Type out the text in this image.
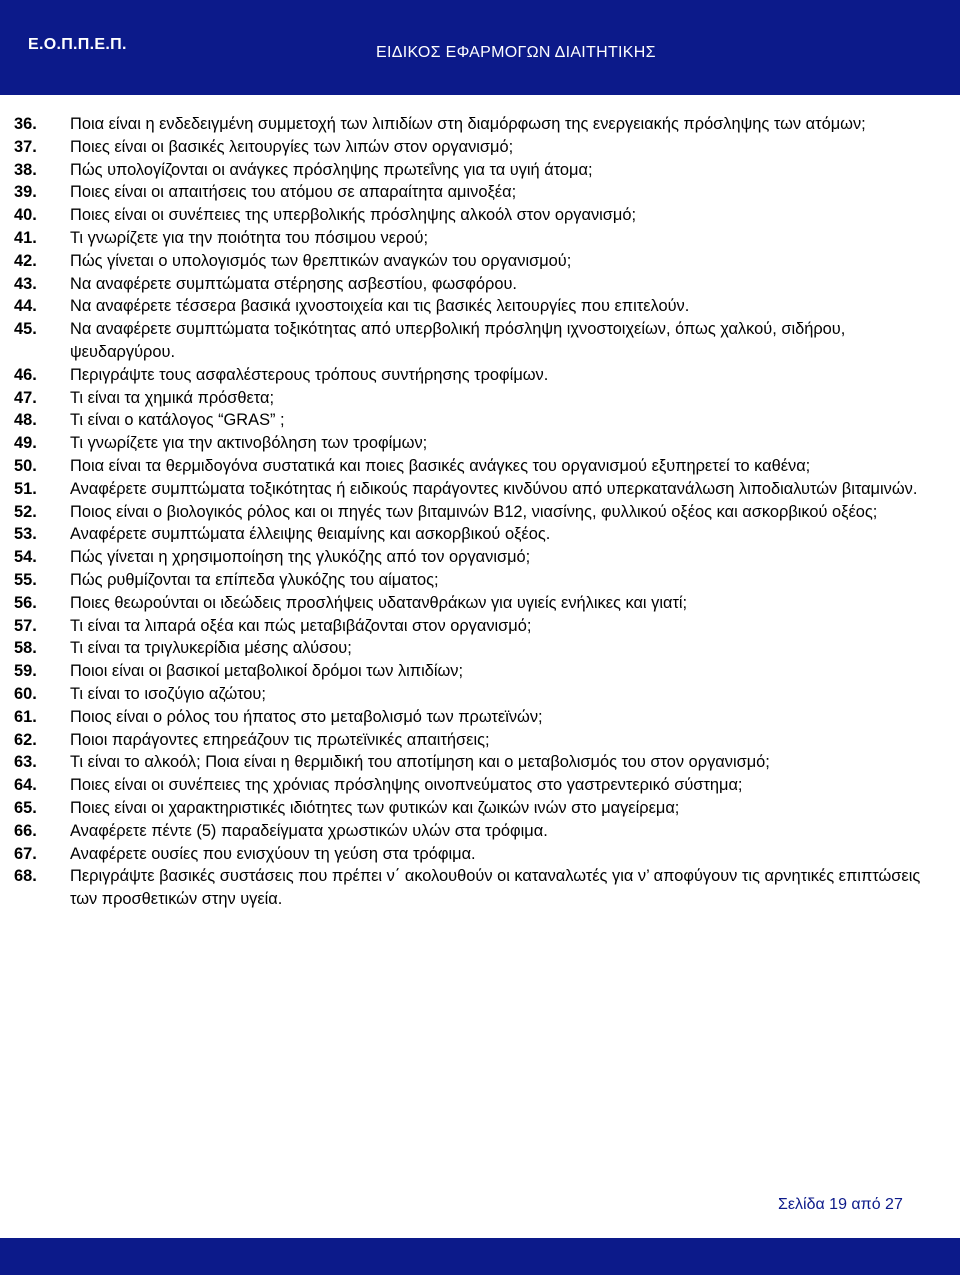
Ε.Ο.Π.Π.Ε.Π.	ΕΙΔΙΚΟΣ ΕΦΑΡΜΟΓΩΝ ΔΙΑΙΤΗΤΙΚΗΣ
36. Ποια είναι η ενδεδειγμένη συμμετοχή των λιπιδίων στη διαμόρφωση της ενεργειακής πρόσληψης των ατόμων;
37. Ποιες είναι οι βασικές λειτουργίες των λιπών στον οργανισμό;
38. Πώς υπολογίζονται οι ανάγκες πρόσληψης πρωτεΐνης για τα υγιή άτομα;
39. Ποιες είναι οι απαιτήσεις του ατόμου σε απαραίτητα αμινοξέα;
40. Ποιες είναι οι συνέπειες της υπερβολικής πρόσληψης αλκοόλ στον οργανισμό;
41. Τι γνωρίζετε για την ποιότητα του πόσιμου νερού;
42. Πώς γίνεται ο υπολογισμός των θρεπτικών αναγκών του οργανισμού;
43. Να αναφέρετε συμπτώματα στέρησης ασβεστίου, φωσφόρου.
44. Να αναφέρετε τέσσερα βασικά ιχνοστοιχεία και τις βασικές λειτουργίες που επιτελούν.
45. Να αναφέρετε συμπτώματα τοξικότητας από υπερβολική πρόσληψη ιχνοστοιχείων, όπως χαλκού, σιδήρου, ψευδαργύρου.
46. Περιγράψτε τους ασφαλέστερους τρόπους συντήρησης τροφίμων.
47. Τι είναι τα χημικά πρόσθετα;
48. Τι είναι ο κατάλογος “GRAS” ;
49. Τι γνωρίζετε για την ακτινοβόληση των τροφίμων;
50. Ποια είναι τα θερμιδογόνα συστατικά και ποιες βασικές ανάγκες του οργανισμού εξυπηρετεί το καθένα;
51. Αναφέρετε συμπτώματα τοξικότητας ή ειδικούς παράγοντες κινδύνου από υπερκατανάλωση λιποδιαλυτών βιταμινών.
52. Ποιος είναι ο βιολογικός ρόλος και οι πηγές των βιταμινών Β12, νιασίνης, φυλλικού οξέος και ασκορβικού οξέος;
53. Αναφέρετε συμπτώματα έλλειψης θειαμίνης και ασκορβικού οξέος.
54. Πώς γίνεται η χρησιμοποίηση της γλυκόζης από τον οργανισμό;
55. Πώς ρυθμίζονται τα επίπεδα γλυκόζης του αίματος;
56. Ποιες θεωρούνται οι ιδεώδεις προσλήψεις υδατανθράκων για υγιείς ενήλικες και γιατί;
57. Τι είναι τα λιπαρά οξέα και πώς μεταβιβάζονται στον οργανισμό;
58. Τι είναι τα τριγλυκερίδια μέσης αλύσου;
59. Ποιοι είναι οι βασικοί μεταβολικοί δρόμοι των λιπιδίων;
60. Τι είναι το ισοζύγιο αζώτου;
61. Ποιος είναι ο ρόλος του ήπατος στο μεταβολισμό των πρωτεϊνών;
62. Ποιοι παράγοντες επηρεάζουν τις πρωτεϊνικές απαιτήσεις;
63. Τι είναι το αλκοόλ; Ποια είναι η θερμιδική του αποτίμηση και ο μεταβολισμός του στον οργανισμό;
64. Ποιες είναι οι συνέπειες της χρόνιας πρόσληψης οινοπνεύματος στο γαστρεντερικό σύστημα;
65. Ποιες είναι οι χαρακτηριστικές ιδιότητες των φυτικών και ζωικών ινών στο μαγείρεμα;
66. Αναφέρετε πέντε (5) παραδείγματα χρωστικών υλών στα τρόφιμα.
67. Αναφέρετε ουσίες που ενισχύουν τη γεύση στα τρόφιμα.
68. Περιγράψτε βασικές συστάσεις που πρέπει ν΄ ακολουθούν οι καταναλωτές για ν’ αποφύγουν τις αρνητικές επιπτώσεις των προσθετικών στην υγεία.
Σελίδα 19 από 27
